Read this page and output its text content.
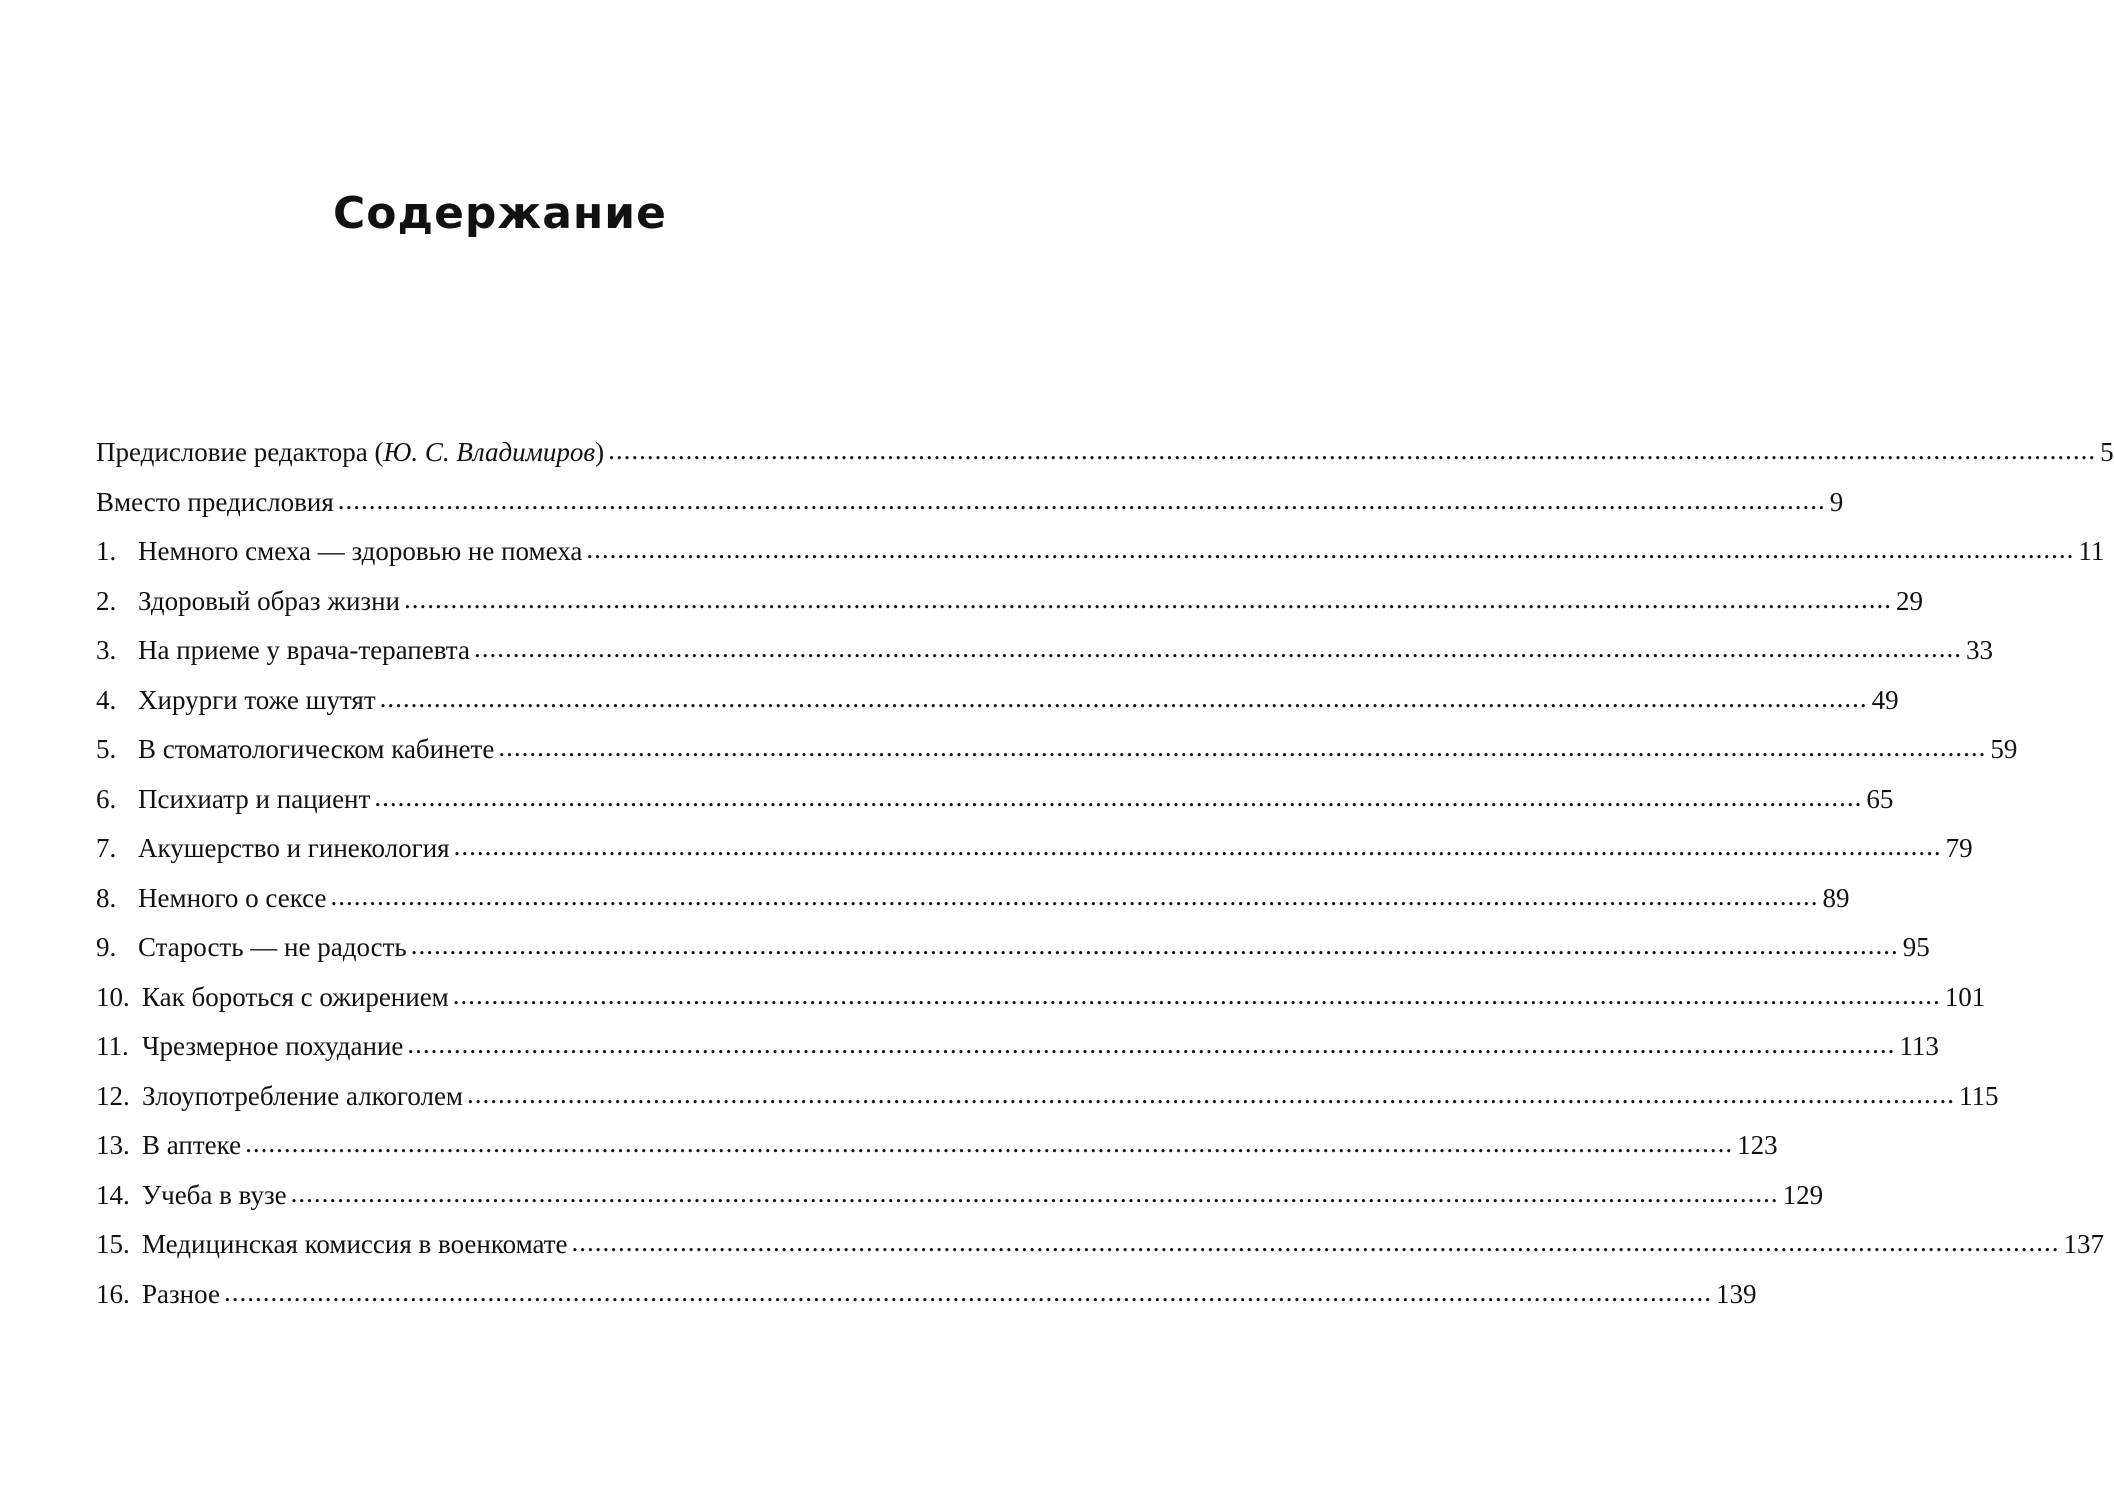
Содержание
Предисловие редактора (Ю. С. Владимиров) .....	5
Вместо предисловия .....	9
1. Немного смеха — здоровью не помеха .....	11
2. Здоровый образ жизни .....	29
3. На приеме у врача-терапевта .....	33
4. Хирурги тоже шутят .....	49
5. В стоматологическом кабинете .....	59
6. Психиатр и пациент .....	65
7. Акушерство и гинекология .....	79
8. Немного о сексе .....	89
9. Старость — не радость .....	95
10. Как бороться с ожирением .....	101
11. Чрезмерное похудание .....	113
12. Злоупотребление алкоголем .....	115
13. В аптеке .....	123
14. Учеба в вузе .....	129
15. Медицинская комиссия в военкомате .....	137
16. Разное .....	139
